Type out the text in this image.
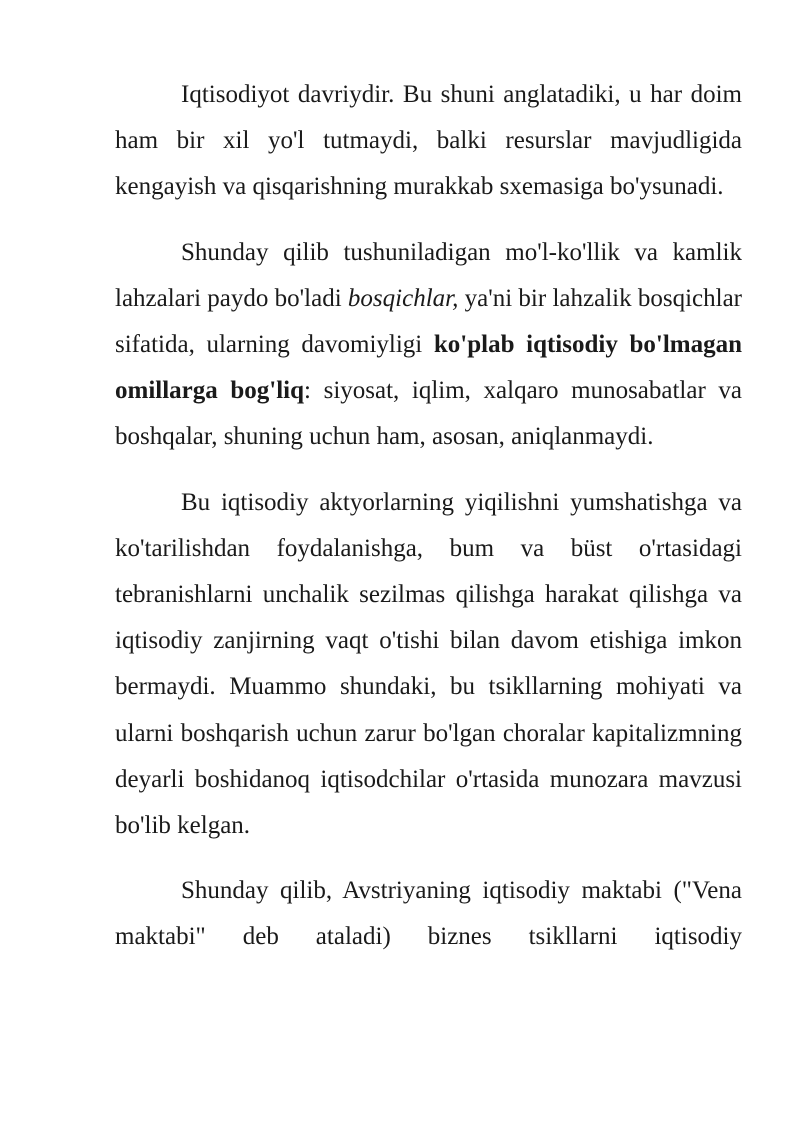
Iqtisodiyot davriydir. Bu shuni anglatadiki, u har doim ham bir xil yo'l tutmaydi, balki resurslar mavjudligida kengayish va qisqarishning murakkab sxemasiga bo'ysunadi.

Shunday qilib tushuniladigan mo'l-ko'llik va kamlik lahzalari paydo bo'ladi bosqichlar, ya'ni bir lahzalik bosqichlar sifatida, ularning davomiyligi ko'plab iqtisodiy bo'lmagan omillarga bog'liq: siyosat, iqlim, xalqaro munosabatlar va boshqalar, shuning uchun ham, asosan, aniqlanmaydi.

Bu iqtisodiy aktyorlarning yiqilishni yumshatishga va ko'tarilishdan foydalanishga, bum va büst o'rtasidagi tebranishlarni unchalik sezilmas qilishga harakat qilishga va iqtisodiy zanjirning vaqt o'tishi bilan davom etishiga imkon bermaydi. Muammo shundaki, bu tsikllarning mohiyati va ularni boshqarish uchun zarur bo'lgan choralar kapitalizmning deyarli boshidanoq iqtisodchilar o'rtasida munozara mavzusi bo'lib kelgan.

Shunday qilib, Avstriyaning iqtisodiy maktabi ("Vena maktabi" deb ataladi) biznes tsikllarni iqtisodiy
